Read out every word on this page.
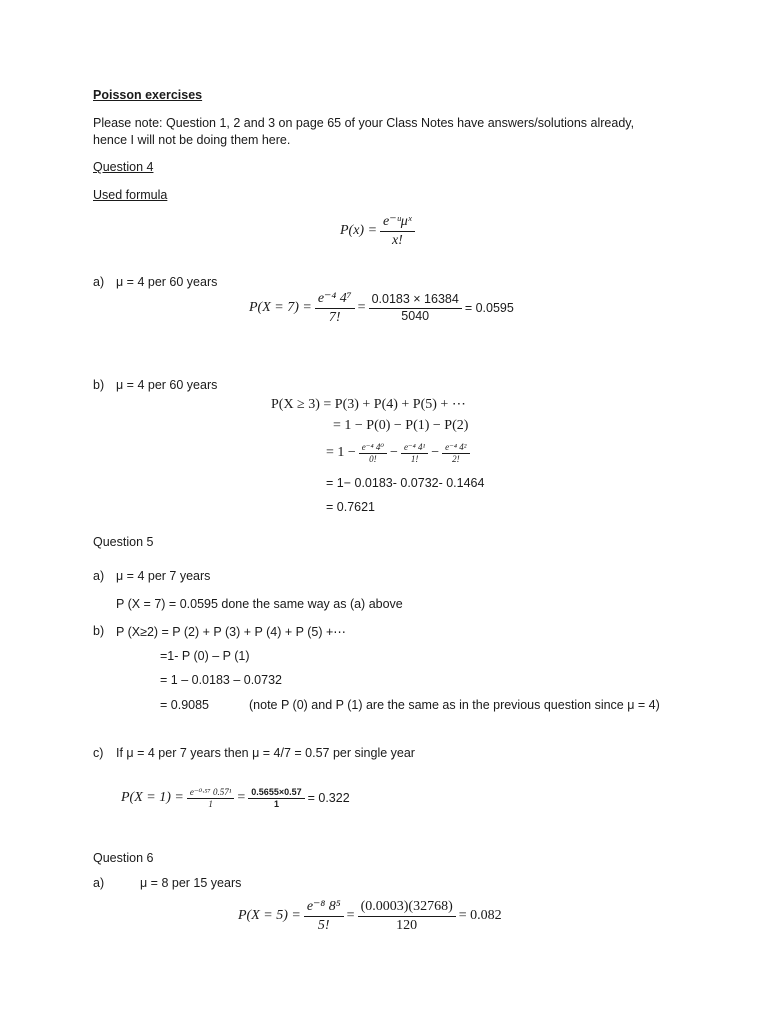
Poisson exercises
Please note: Question 1, 2 and 3 on page 65 of your Class Notes have answers/solutions already,
hence I will not be doing them here.
Question 4
Used formula
$P(x) = \frac{\text{e⁻ᵘμˣ}}{x!}$
a) μ = 4 per 60 years
$P(X = 7) = \frac{\text{e⁻⁴ 4⁷}}{7!} = \frac{0.0183 \times 16384}{5040} = 0.0595$
b) μ = 4 per 60 years
P(X ≥ 3) = P(3) + P(4) + P(5) + ⋯
= 1 − P(0) − P(1) − P(2)
= $1 - \frac{\text{e⁻⁴ 4⁰}}{0!} - \frac{\text{e⁻⁴ 4¹}}{1!} - \frac{\text{e⁻⁴ 4²}}{2!}$
= 1− 0.0183- 0.0732- 0.1464
= 0.7621
Question 5
a) μ = 4 per 7 years
P (X = 7) = 0.0595 done the same way as (a) above
b) P (X≥2) = P (2) + P (3) + P (4) + P (5) +⋯
=1- P (0) – P (1)
= 1 – 0.0183 – 0.0732
= 0.9085	(note P (0) and P (1) are the same as in the previous question since μ = 4)
c) If μ = 4 per 7 years then μ = 4/7 = 0.57 per single year
$P(X = 1) = \frac{\text{e⁻⁰·⁵⁷ 0.57¹}}{1} = \frac{0.5655\times 0.57}{1} = 0.322$
Question 6
a)	μ = 8 per 15 years
$P(X = 5) = \frac{\text{e⁻⁸ 8⁵}}{5!} = \frac{(0.0003)(32768)}{120} = 0.082$
